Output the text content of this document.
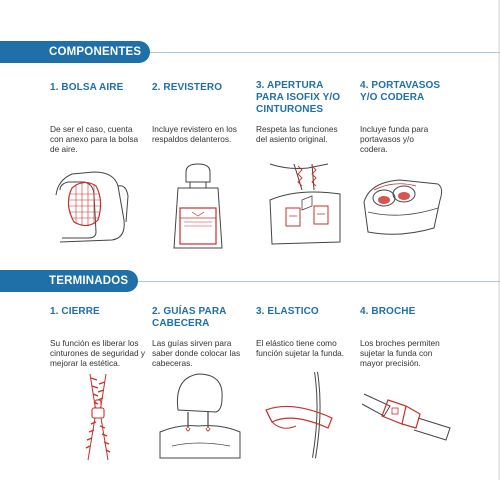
COMPONENTES
1. BOLSA AIRE	2. REVISTERO	3. APERTURA PARA ISOFIX Y/O CINTURONES
4. PORTAVASOS Y/O CODERA
De ser el caso, cuenta con anexo para la bolsa de aire.
Incluye revistero en los respaldos delanteros.
Respeta las funciones del asiento original.
Incluye funda para portavasos y/o codera.
TERMINADOS
1. CIERRE	2. GUÍAS PARA CABECERA
3. ELASTICO	4. BROCHE
Su función es liberar los cinturones de seguridad y mejorar la estética.
Las guías sirven para saber donde colocar las cabeceras.
El elástico tiene como función sujetar la funda.
Los broches permiten sujetar la funda con mayor precisión.
